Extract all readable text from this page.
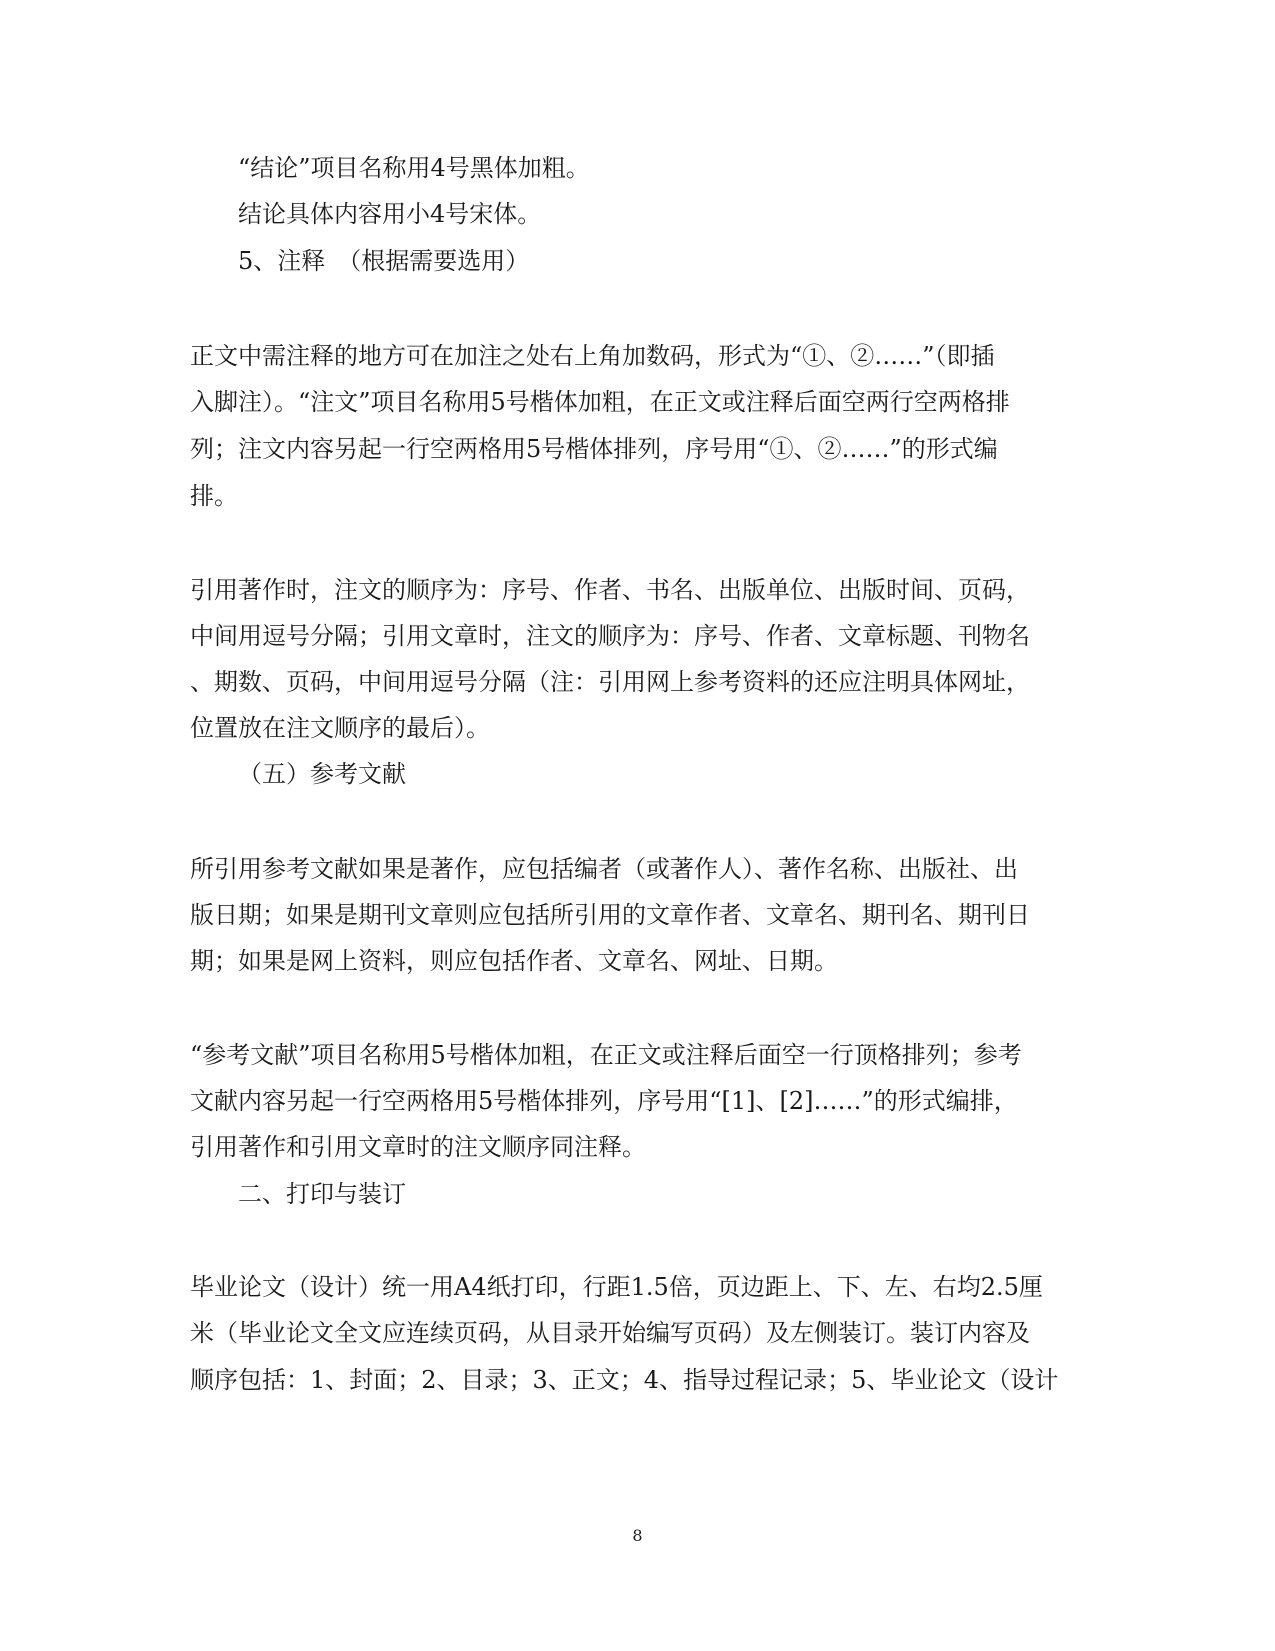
“结论”项目名称用4号黑体加粗。
结论具体内容用小4号宋体。
5、注释　（根据需要选用）
正文中需注释的地方可在加注之处右上角加数码，形式为“①、②……”（即插
入脚注）。“注文”项目名称用5号楷体加粗，在正文或注释后面空两行空两格排
列；注文内容另起一行空两格用5号楷体排列，序号用“①、②……”的形式编
排。
引用著作时，注文的顺序为：序号、作者、书名、出版单位、出版时间、页码，
中间用逗号分隔；引用文章时，注文的顺序为：序号、作者、文章标题、刊物名
、期数、页码，中间用逗号分隔（注：引用网上参考资料的还应注明具体网址，
位置放在注文顺序的最后）。
（五）参考文献
所引用参考文献如果是著作，应包括编者（或著作人）、著作名称、出版社、出
版日期；如果是期刊文章则应包括所引用的文章作者、文章名、期刊名、期刊日
期；如果是网上资料，则应包括作者、文章名、网址、日期。
“参考文献”项目名称用5号楷体加粗，在正文或注释后面空一行顶格排列；参考
文献内容另起一行空两格用5号楷体排列，序号用“[1]、[2]……”的形式编排，
引用著作和引用文章时的注文顺序同注释。
二、打印与装订
毕业论文（设计）统一用A4纸打印，行距1.5倍，页边距上、下、左、右均2.5厘
米（毕业论文全文应连续页码，从目录开始编写页码）及左侧装订。装订内容及
顺序包括：1、封面；2、目录；3、正文；4、指导过程记录；5、毕业论文（设计
8
